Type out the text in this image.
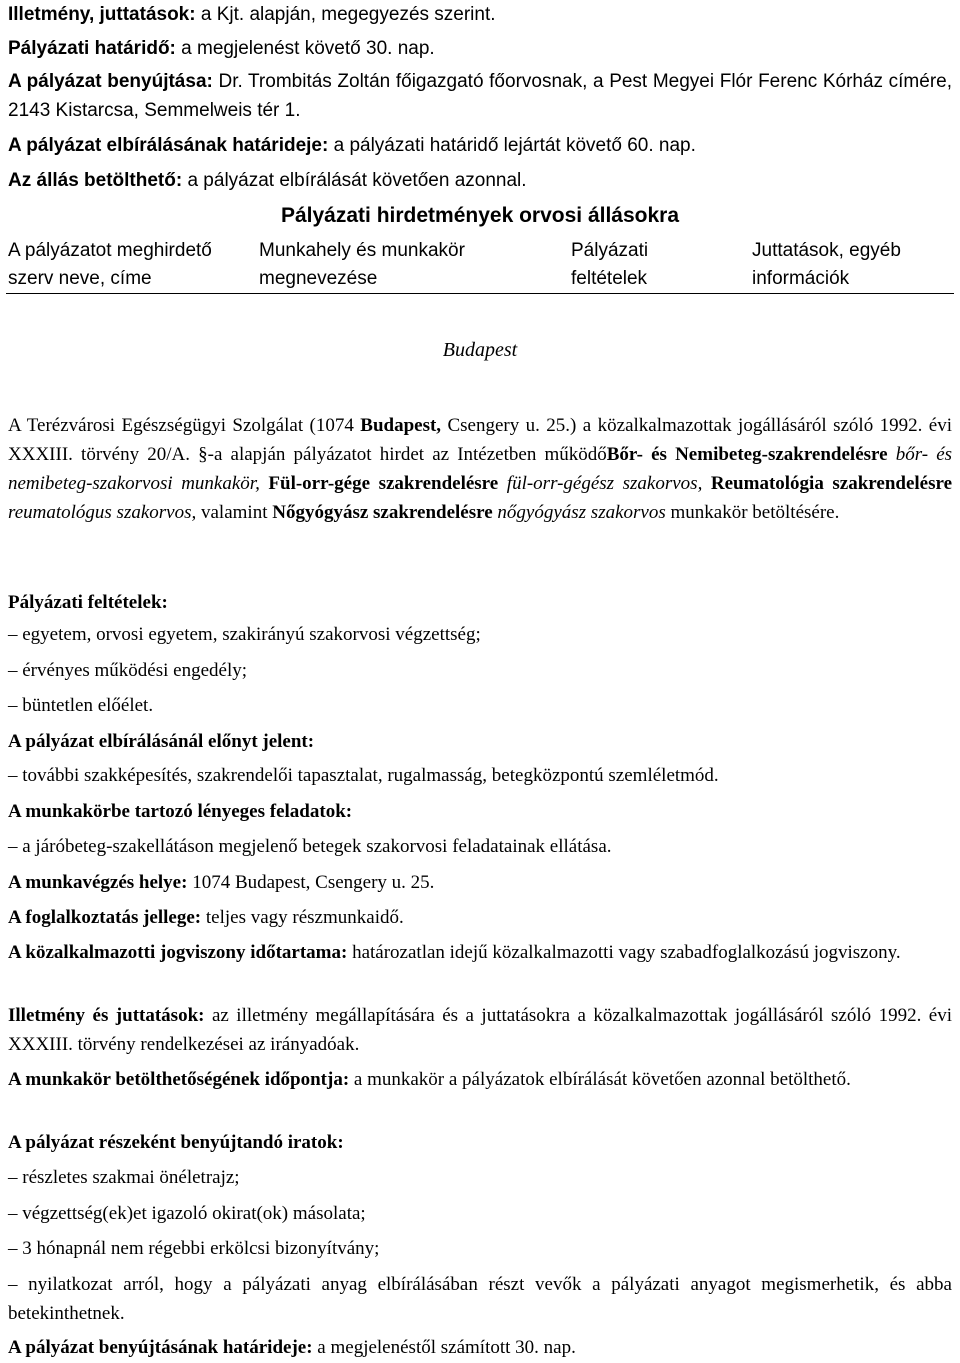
Illetmény, juttatások: a Kjt. alapján, megegyezés szerint.
Pályázati határidő: a megjelenést követő 30. nap.
A pályázat benyújtása: Dr. Trombitás Zoltán főigazgató főorvosnak, a Pest Megyei Flór Ferenc Kórház címére, 2143 Kistarcsa, Semmelweis tér 1.
A pályázat elbírálásának határideje: a pályázati határidő lejártát követő 60. nap.
Az állás betölthető: a pályázat elbírálását követően azonnal.
Pályázati hirdetmények orvosi állásokra
A pályázatot meghirdető szerv neve, címe
Munkahely és munkakör megnevezése
Pályázati feltételek
Juttatások, egyéb információk
Budapest
A Terézvárosi Egészségügyi Szolgálat (1074 Budapest, Csengery u. 25.) a közalkalmazottak jogállásáról szóló 1992. évi XXXIII. törvény 20/A. §-a alapján pályázatot hirdet az Intézetben működőBőr- és Nemibeteg-szakrendelésre bőr- és nemibeteg-szakorvosi munkakör, Fül-orr-gége szakrendelésre fül-orr-gégész szakorvos, Reumatológia szakrendelésre reumatológus szakorvos, valamint Nőgyógyász szakrendelésre nőgyógyász szakorvos munkakör betöltésére.
Pályázati feltételek:
– egyetem, orvosi egyetem, szakirányú szakorvosi végzettség;
– érvényes működési engedély;
– büntetlen előélet.
A pályázat elbírálásánál előnyt jelent:
– további szakképesítés, szakrendelői tapasztalat, rugalmasság, betegközpontú szemléletmód.
A munkakörbe tartozó lényeges feladatok:
– a járóbeteg-szakellátáson megjelenő betegek szakorvosi feladatainak ellátása.
A munkavégzés helye: 1074 Budapest, Csengery u. 25.
A foglalkoztatás jellege: teljes vagy részmunkaidő.
A közalkalmazotti jogviszony időtartama: határozatlan idejű közalkalmazotti vagy szabadfoglalkozású jogviszony.
Illetmény és juttatások: az illetmény megállapítására és a juttatásokra a közalkalmazottak jogállásáról szóló 1992. évi XXXIII. törvény rendelkezései az irányadóak.
A munkakör betölthetőségének időpontja: a munkakör a pályázatok elbírálását követően azonnal betölthető.
A pályázat részeként benyújtandó iratok:
– részletes szakmai önéletrajz;
– végzettség(ek)et igazoló okirat(ok) másolata;
– 3 hónapnál nem régebbi erkölcsi bizonyítvány;
– nyilatkozat arról, hogy a pályázati anyag elbírálásában részt vevők a pályázati anyagot megismerhetik, és abba betekinthetnek.
A pályázat benyújtásának határideje: a megjelenéstől számított 30. nap.
